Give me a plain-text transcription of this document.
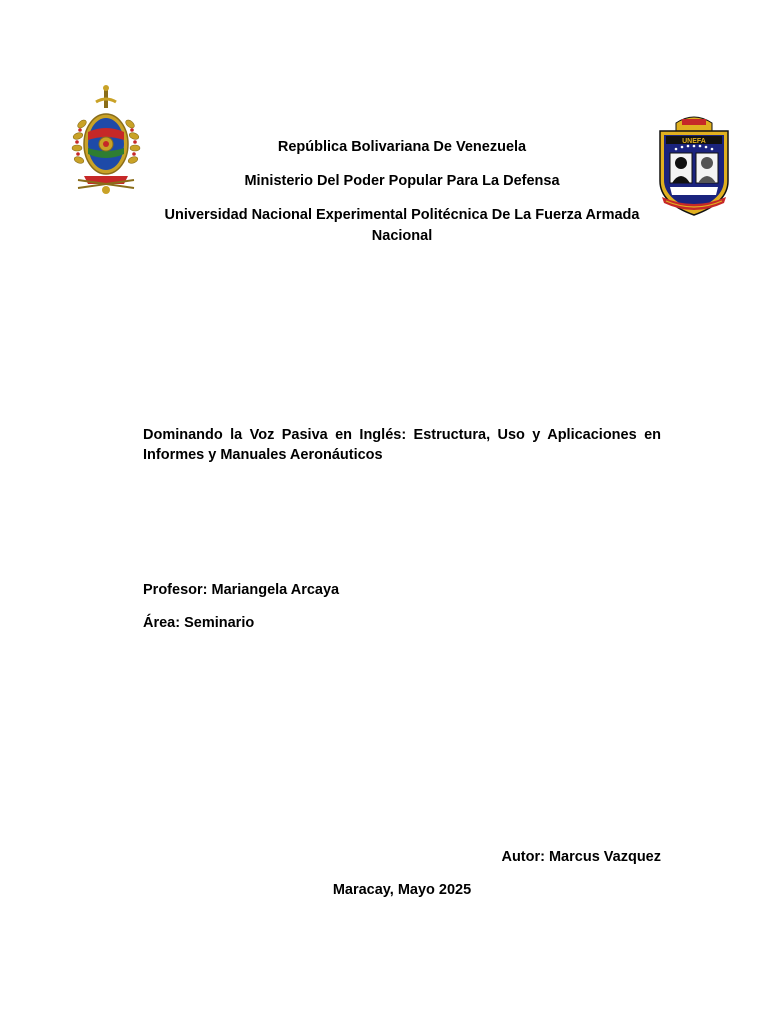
UNEFA
República Bolivariana De Venezuela
Ministerio Del Poder Popular Para La Defensa
Universidad Nacional Experimental Politécnica De La Fuerza Armada Nacional
Dominando la Voz Pasiva en Inglés: Estructura, Uso y Aplicaciones en Informes y Manuales Aeronáuticos
Profesor: Mariangela Arcaya
Área: Seminario
Autor: Marcus Vazquez
Maracay, Mayo 2025
